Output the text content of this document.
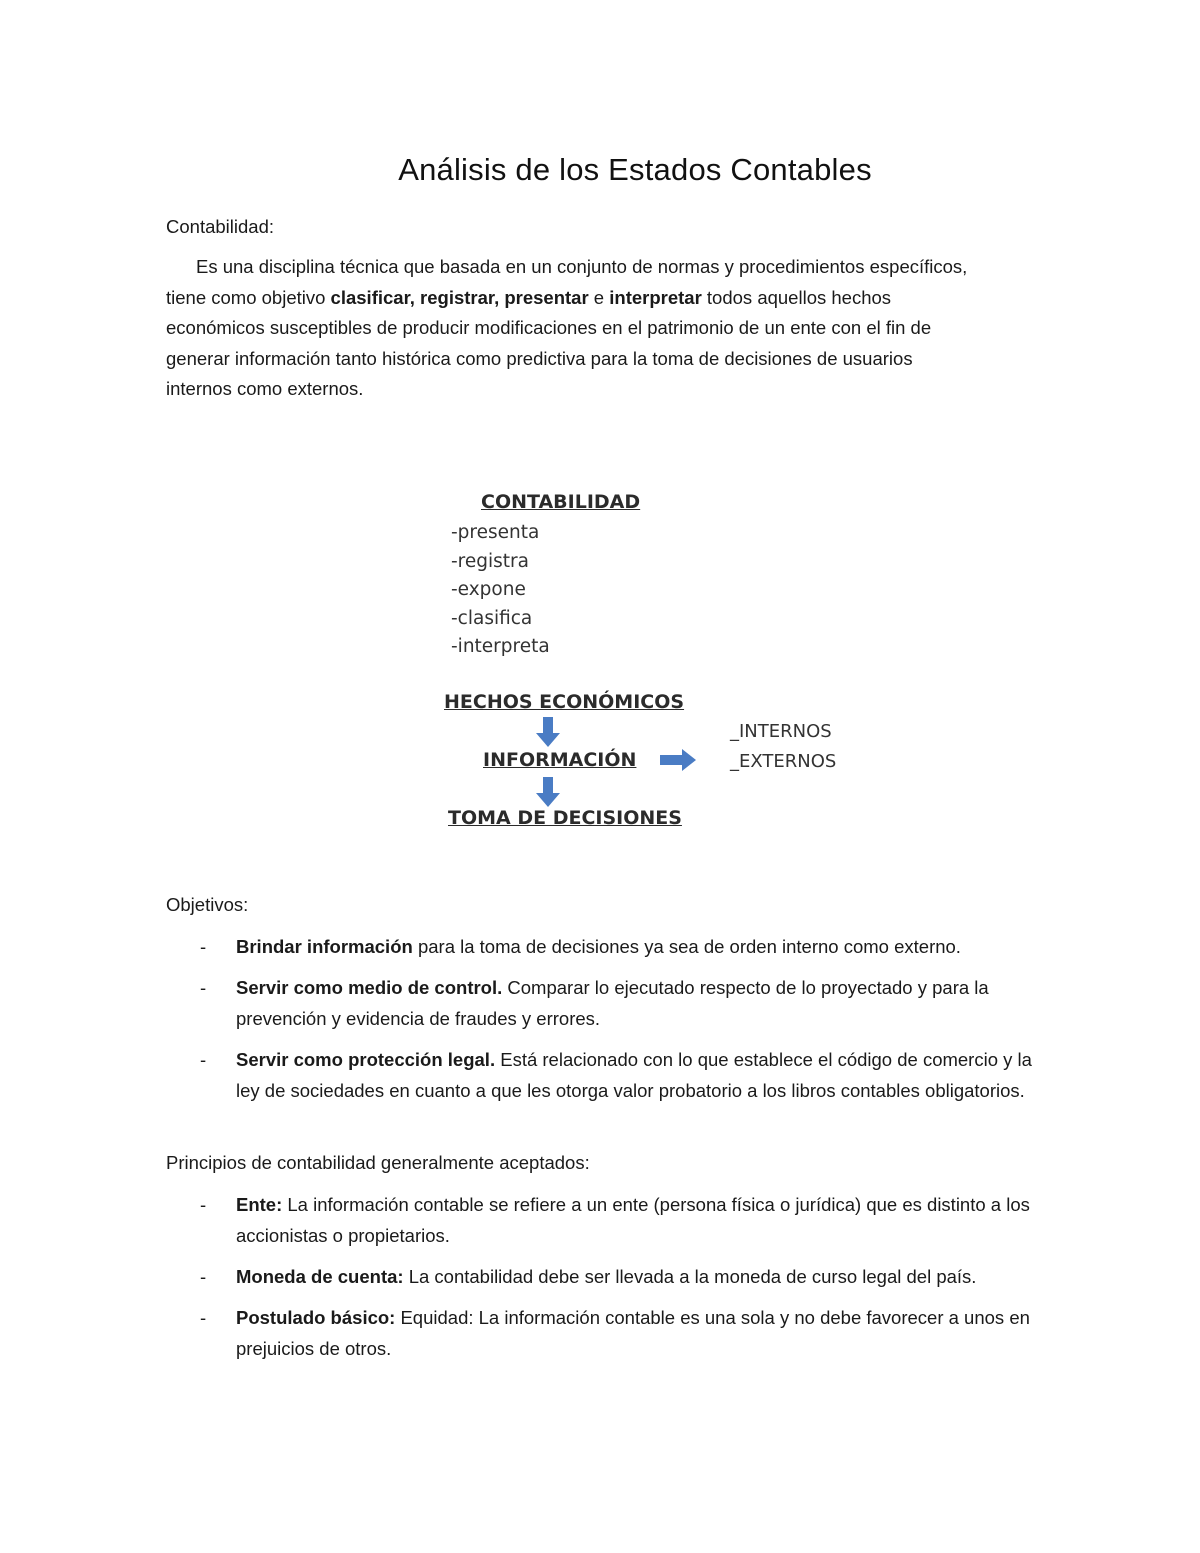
Análisis de los Estados Contables
Contabilidad:
Es una disciplina técnica que basada en un conjunto de normas y procedimientos específicos,
tiene como objetivo clasificar, registrar, presentar e interpretar todos aquellos hechos
económicos susceptibles de producir modificaciones en el patrimonio de un ente con el fin de
generar información tanto histórica como predictiva para la toma de decisiones de usuarios
internos como externos.
CONTABILIDAD
-presenta
-registra
-expone
-clasifica
-interpreta
HECHOS ECONÓMICOS
INFORMACIÓN
_INTERNOS
_EXTERNOS
TOMA DE DECISIONES
Objetivos:
- Brindar información para la toma de decisiones ya sea de orden interno como externo.
- Servir como medio de control. Comparar lo ejecutado respecto de lo proyectado y para la prevención y evidencia de fraudes y errores.
- Servir como protección legal. Está relacionado con lo que establece el código de comercio y la ley de sociedades en cuanto a que les otorga valor probatorio a los libros contables obligatorios.
Principios de contabilidad generalmente aceptados:
- Ente: La información contable se refiere a un ente (persona física o jurídica) que es distinto a los accionistas o propietarios.
- Moneda de cuenta: La contabilidad debe ser llevada a la moneda de curso legal del país.
- Postulado básico: Equidad: La información contable es una sola y no debe favorecer a unos en prejuicios de otros.
